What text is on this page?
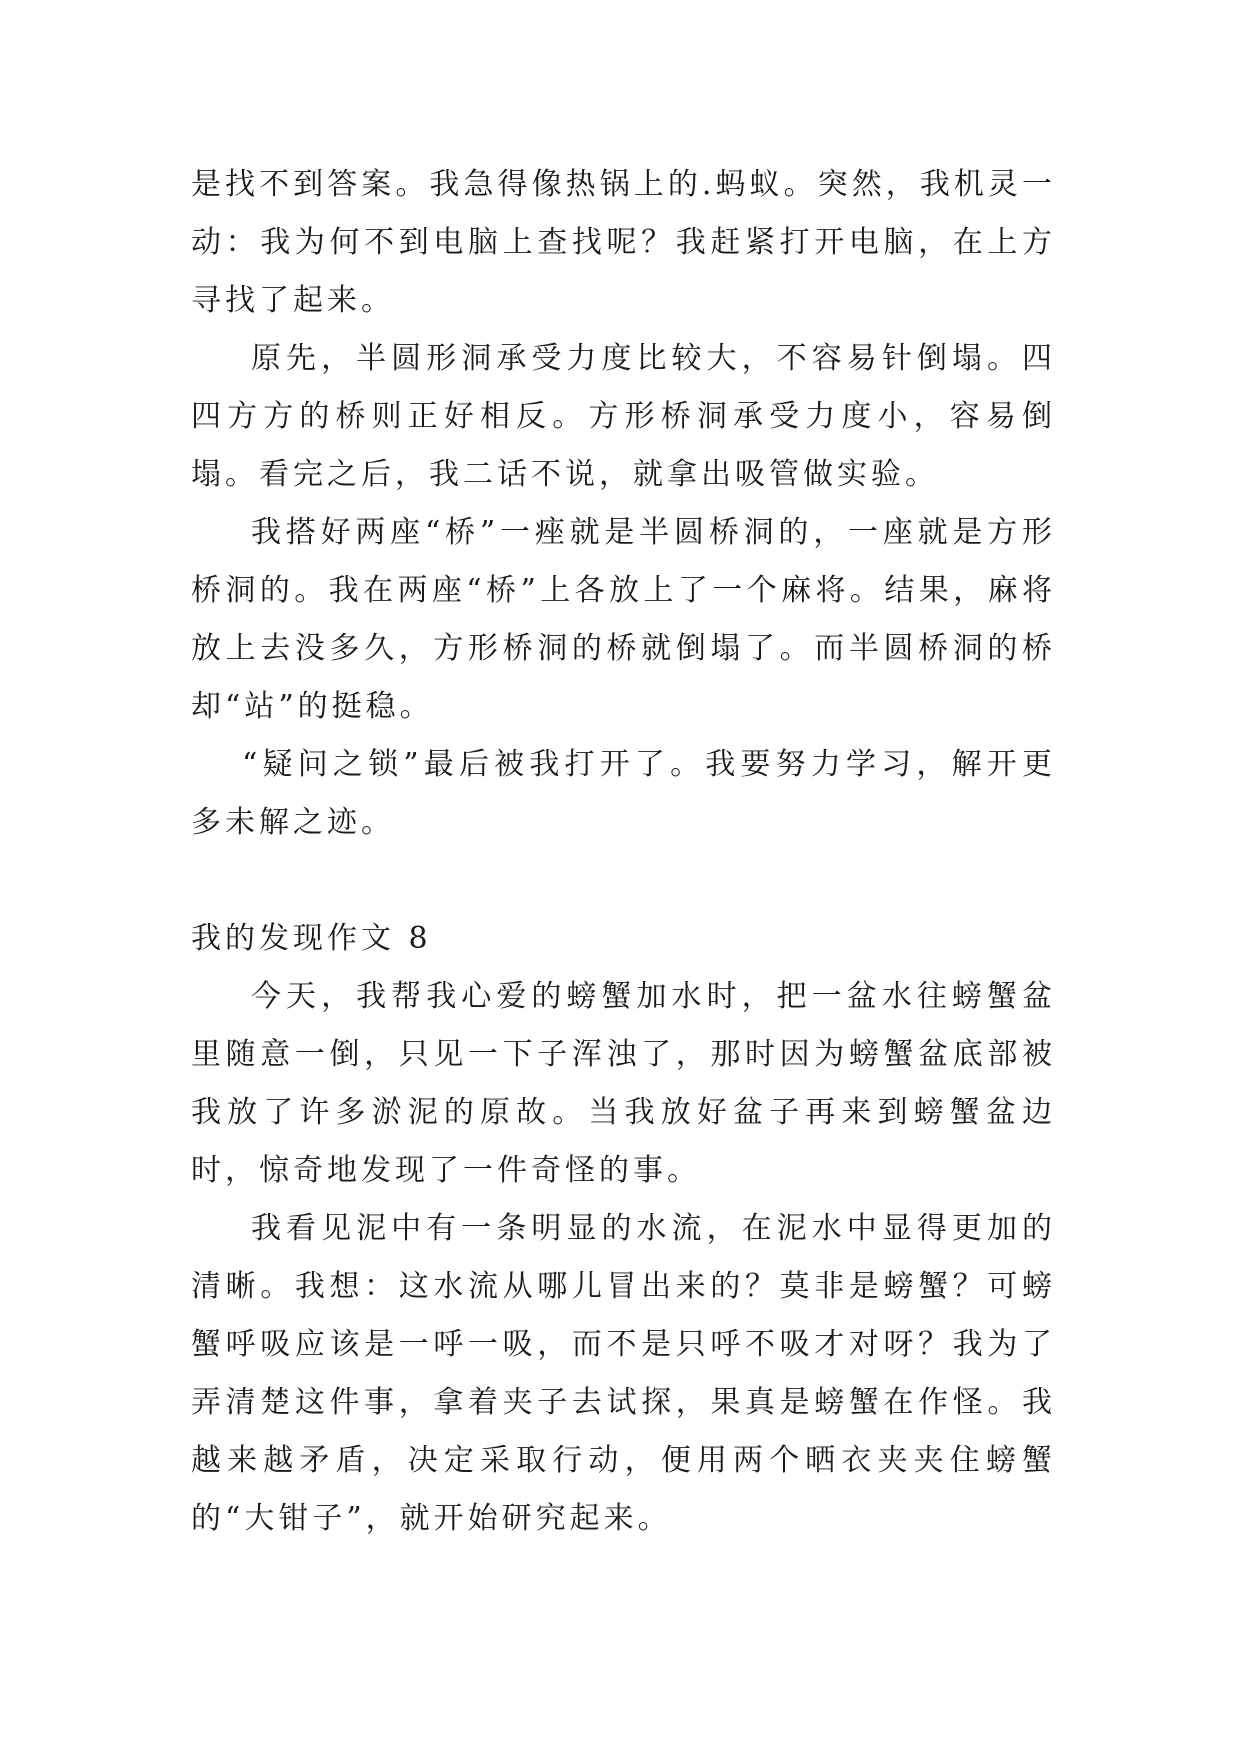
是找不到答案。我急得像热锅上的.蚂蚁。突然，我机灵一动：我为何不到电脑上查找呢？我赶紧打开电脑，在上方寻找了起来。

原先，半圆形洞承受力度比较大，不容易针倒塌。四四方方的桥则正好相反。方形桥洞承受力度小，容易倒塌。看完之后，我二话不说，就拿出吸管做实验。

我搭好两座“桥”一痤就是半圆桥洞的，一座就是方形桥洞的。我在两座“桥”上各放上了一个麻将。结果，麻将放上去没多久，方形桥洞的桥就倒塌了。而半圆桥洞的桥却“站”的挺稳。

“疑问之锁”最后被我打开了。我要努力学习，解开更多未解之迹。

我的发现作文 8

今天，我帮我心爱的螃蟹加水时，把一盆水往螃蟹盆里随意一倒，只见一下子浑浊了，那时因为螃蟹盆底部被我放了许多淤泥的原故。当我放好盆子再来到螃蟹盆边时，惊奇地发现了一件奇怪的事。

我看见泥中有一条明显的水流，在泥水中显得更加的清晰。我想：这水流从哪儿冒出来的？莫非是螃蟹？可螃蟹呼吸应该是一呼一吸，而不是只呼不吸才对呀？我为了弄清楚这件事，拿着夹子去试探，果真是螃蟹在作怪。我越来越矛盾，决定采取行动，便用两个晒衣夹夹住螃蟹的“大钳子”，就开始研究起来。
